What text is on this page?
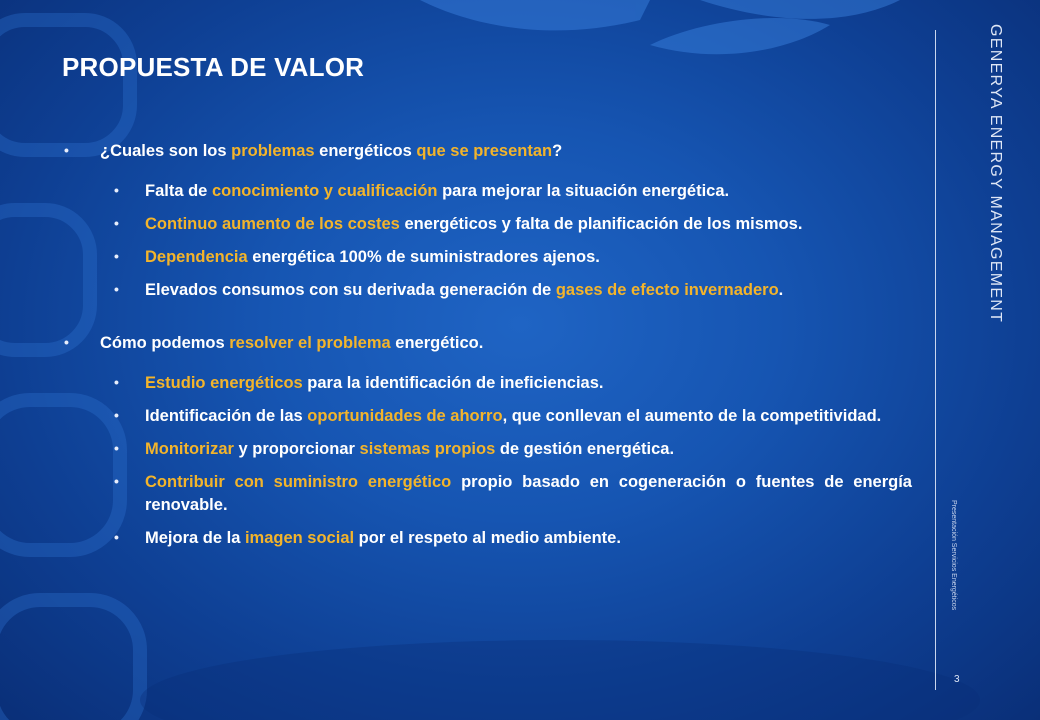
PROPUESTA DE VALOR
• ¿Cuales son los problemas energéticos que se presentan?
• Falta de conocimiento y cualificación para mejorar la situación energética.
• Continuo aumento de los costes energéticos y falta de planificación de los mismos.
• Dependencia energética 100% de suministradores ajenos.
• Elevados consumos con su derivada generación de gases de efecto invernadero.
• Cómo podemos resolver el problema energético.
• Estudio energéticos para la identificación de ineficiencias.
• Identificación de las oportunidades de ahorro, que conllevan el aumento de la competitividad.
• Monitorizar y proporcionar sistemas propios de gestión energética.
• Contribuir con suministro energético propio basado en cogeneración o fuentes de energía renovable.
• Mejora de la imagen social por el respeto al medio ambiente.
GENERYA ENERGY MANAGEMENT
Presentación Servicios Energéticos
3
